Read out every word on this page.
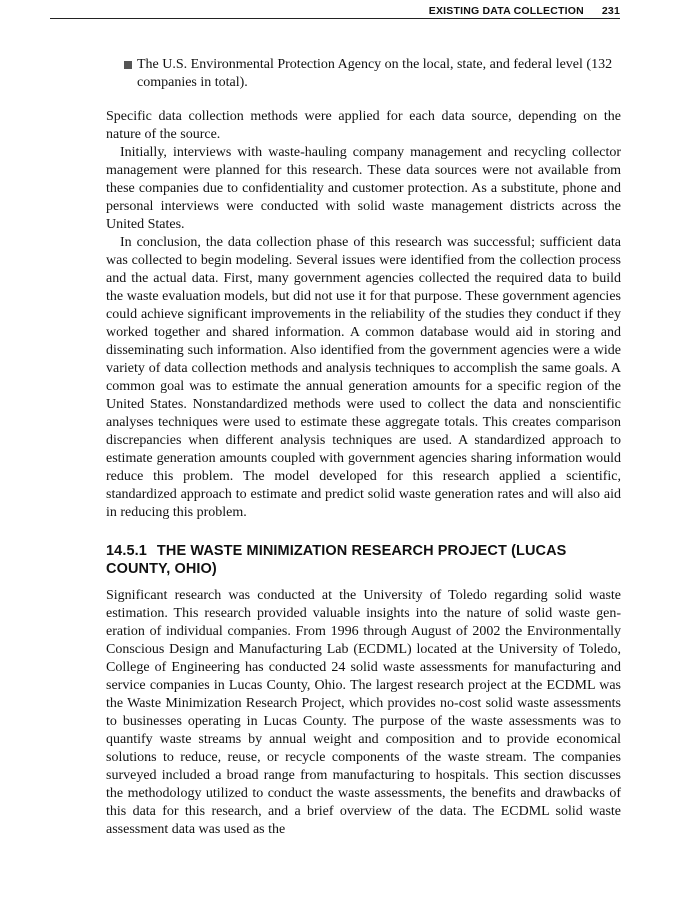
EXISTING DATA COLLECTION 231
The U.S. Environmental Protection Agency on the local, state, and federal level (132 companies in total).

Specific data collection methods were applied for each data source, depending on the nature of the source.

Initially, interviews with waste-hauling company management and recycling collector management were planned for this research. These data sources were not available from these companies due to confidentiality and customer protection. As a substitute, phone and personal interviews were conducted with solid waste management districts across the United States.

In conclusion, the data collection phase of this research was successful; sufficient data was collected to begin modeling. Several issues were identified from the collection process and the actual data. First, many government agencies collected the required data to build the waste evaluation models, but did not use it for that purpose. These government agencies could achieve significant improvements in the reliability of the studies they conduct if they worked together and shared information. A common database would aid in storing and disseminating such information. Also identified from the government agencies were a wide variety of data collection methods and analysis techniques to accomplish the same goals. A common goal was to estimate the annual generation amounts for a specific region of the United States. Nonstandardized methods were used to collect the data and nonscientific analyses techniques were used to estimate these aggregate totals. This creates comparison discrepancies when different analysis techniques are used. A standardized approach to estimate generation amounts coupled with government agencies sharing information would reduce this problem. The model developed for this research applied a scientific, standardized approach to estimate and predict solid waste generation rates and will also aid in reducing this problem.

14.5.1 THE WASTE MINIMIZATION RESEARCH PROJECT (LUCAS COUNTY, OHIO)

Significant research was conducted at the University of Toledo regarding solid waste estimation. This research provided valuable insights into the nature of solid waste generation of individual companies. From 1996 through August of 2002 the Environmentally Conscious Design and Manufacturing Lab (ECDML) located at the University of Toledo, College of Engineering has conducted 24 solid waste assessments for manufacturing and service companies in Lucas County, Ohio. The largest research project at the ECDML was the Waste Minimization Research Project, which provides no-cost solid waste assessments to businesses operating in Lucas County. The purpose of the waste assessments was to quantify waste streams by annual weight and composition and to provide economical solutions to reduce, reuse, or recycle components of the waste stream. The companies surveyed included a broad range from manufacturing to hospitals. This section discusses the methodology utilized to conduct the waste assessments, the benefits and drawbacks of this data for this research, and a brief overview of the data. The ECDML solid waste assessment data was used as the
